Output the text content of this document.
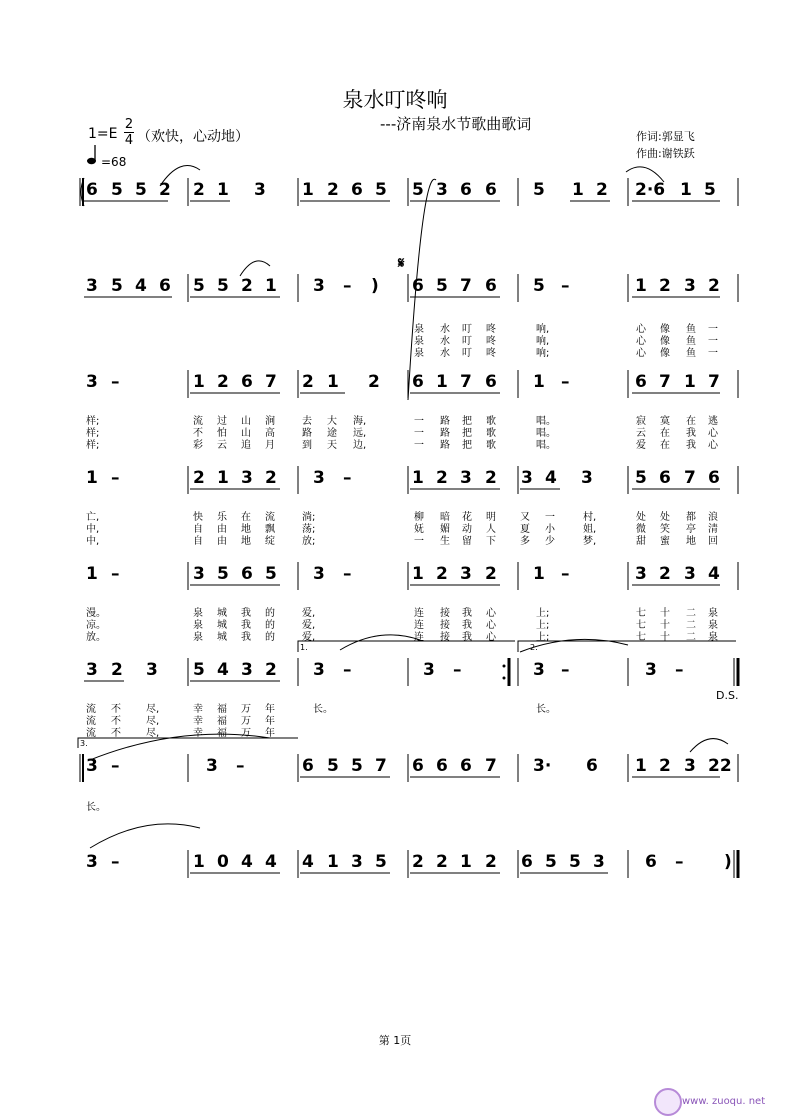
泉水叮咚响
---济南泉水节歌曲歌词
1=E
2
4 （欢快，心动地）
=68
作词:郭显飞
作曲:谢铁跃
6 5 5 2 2 1 3 1 2 6 5 5 3 6 6 5 1 2 2·6 1 5
3 5 4 6 5 5 2 1 3 – ) 6 5 7 6 5 –	1 2 3 2
3 –	1 2 6 7 2 1 2 6 1 7 6 1 –	6 7 1 7
1 –	2 1 3 2 3 –	1 2 3 2 3 4 3 5 6 7 6
1 –	3 5 6 5 3 –	1 2 3 2 1 –	3 2 3 4
3 2 3 5 4 3 2 3 –	3 –	3 –	3 –
3 –	3 –	6 5 5 7 6 6 6 7 3· 6 1 2 3 22
3 –	1 0 4 4 4 1 3 5 2 2 1 2 6 5 5 3 6 – )
泉 水 叮 咚	响,	心 像 鱼 一
泉 水 叮 咚	响,	心 像 鱼 一
泉 水 叮 咚	响;	心 像 鱼 一
样;	流 过 山 涧	去 大 海,	一 路 把 歌	唱。	寂 寞 在 逃
样;	不 怕 山 高	路 途 远,	一 路 把 歌	唱。	云 在 我 心
样;	彩 云 追 月	到 天 边,	一 路 把 歌	唱。	爱 在 我 心
亡,	快 乐 在 流	淌;	柳 暗 花 明 又 一	村,	处 处 都 浪
中,	自 由 地 飘	荡;	妩 媚 动 人 夏 小	姐,	微 笑 亭 清
中,	自 由 地 绽	放;	一 生 留 下 多 少	梦,	甜 蜜 地 回
漫。	泉 城 我 的	爱,	连 接 我 心	上;	七 十 二 泉
凉。	泉 城 我 的	爱,	连 接 我 心	上;	七 十 二 泉
放。	泉 城 我 的	爱,	连 接 我 心	上;	七 十 二 泉
流 不	尽,	幸 福 万 年	长。	长。
流 不	尽,	幸 福 万 年
流 不	尽,	幸 福 万 年
长。
𝄋
1.	2.
3.
D.S.
第 1页
www. zuoqu. net
